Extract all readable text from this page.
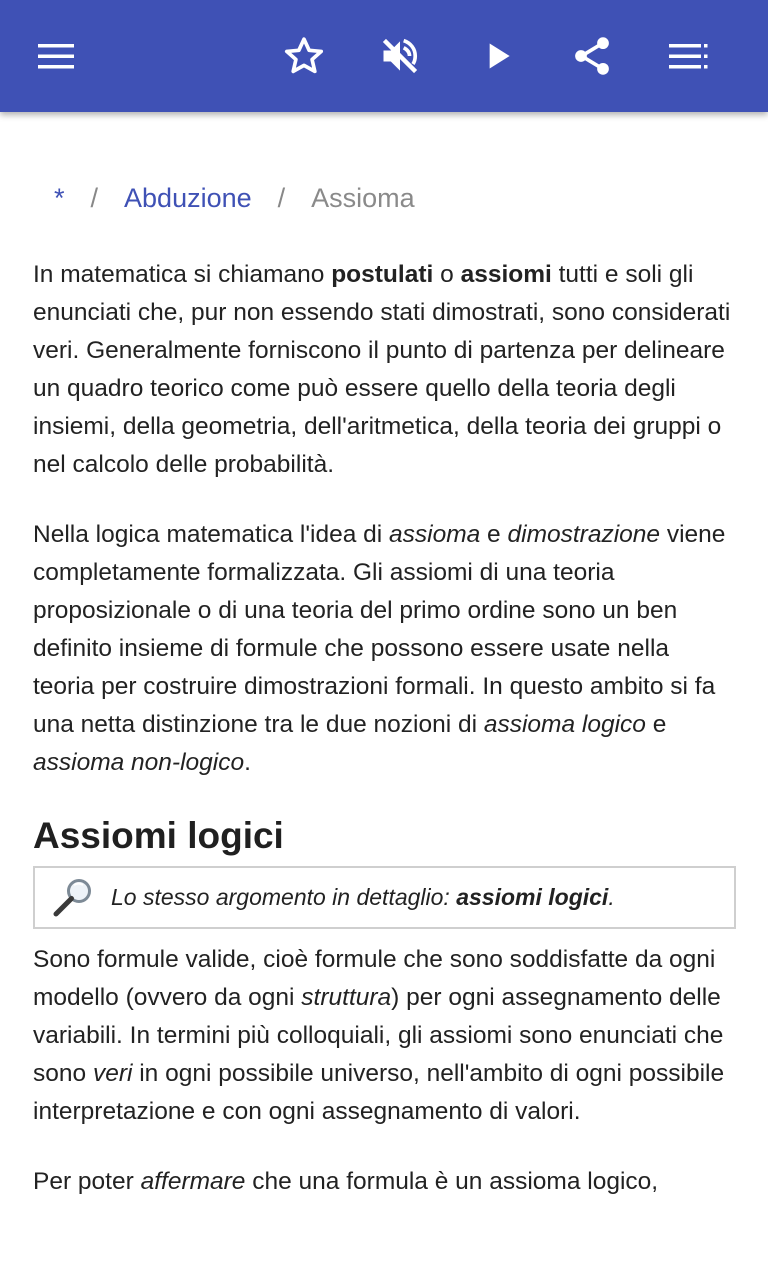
* / Abduzione / Assioma

In matematica si chiamano postulati o assiomi tutti e soli gli enunciati che, pur non essendo stati dimostrati, sono considerati veri. Generalmente forniscono il punto di partenza per delineare un quadro teorico come può essere quello della teoria degli insiemi, della geometria, dell'aritmetica, della teoria dei gruppi o nel calcolo delle probabilità.

Nella logica matematica l'idea di assioma e dimostrazione viene completamente formalizzata. Gli assiomi di una teoria proposizionale o di una teoria del primo ordine sono un ben definito insieme di formule che possono essere usate nella teoria per costruire dimostrazioni formali. In questo ambito si fa una netta distinzione tra le due nozioni di assioma logico e assioma non-logico.

Assiomi logici
Lo stesso argomento in dettaglio: assiomi logici.

Sono formule valide, cioè formule che sono soddisfatte da ogni modello (ovvero da ogni struttura) per ogni assegnamento delle variabili. In termini più colloquiali, gli assiomi sono enunciati che sono veri in ogni possibile universo, nell'ambito di ogni possibile interpretazione e con ogni assegnamento di valori.

Per poter affermare che una formula è un assioma logico,
